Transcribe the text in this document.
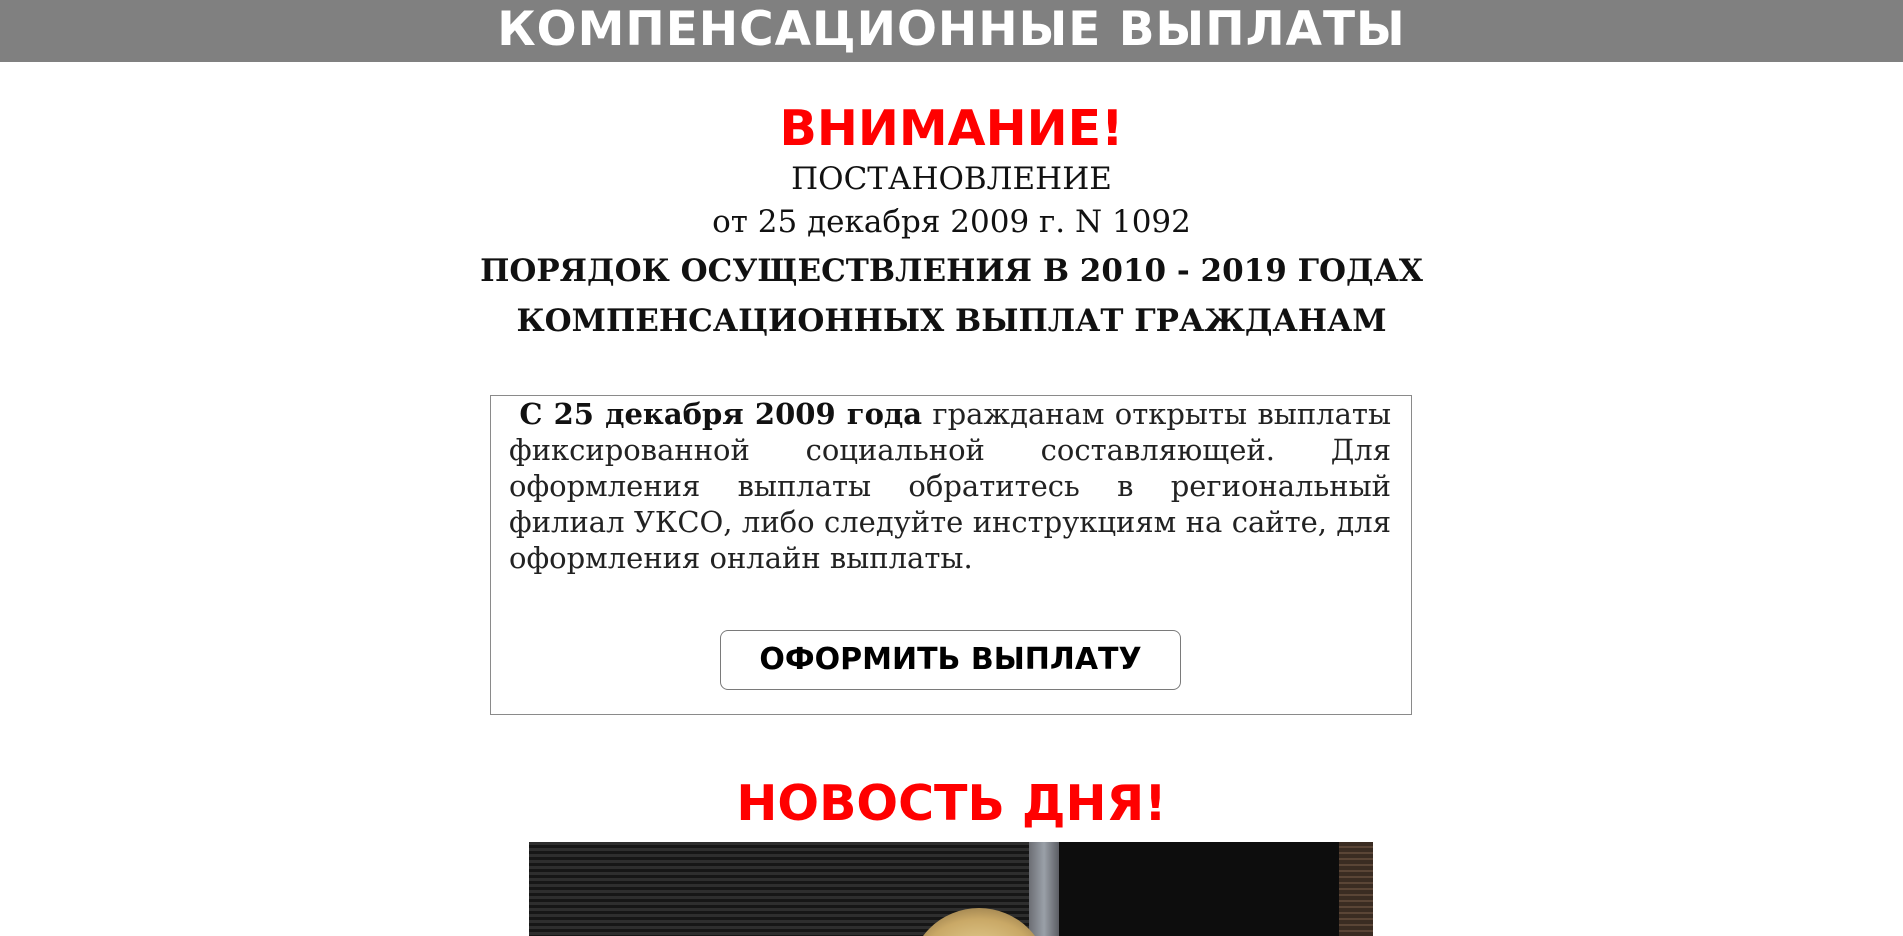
КОМПЕНСАЦИОННЫЕ ВЫПЛАТЫ
ВНИМАНИЕ!
ПОСТАНОВЛЕНИЕ
от 25 декабря 2009 г. N 1092
ПОРЯДОК ОСУЩЕСТВЛЕНИЯ В 2010 - 2019 ГОДАХ
КОМПЕНСАЦИОННЫХ ВЫПЛАТ ГРАЖДАНАМ
С 25 декабря 2009 года гражданам открыты выплаты фиксированной социальной составляющей. Для оформления выплаты обратитесь в региональный филиал УКСО, либо следуйте инструкциям на сайте, для оформления онлайн выплаты.
ОФОРМИТЬ ВЫПЛАТУ
НОВОСТЬ ДНЯ!
